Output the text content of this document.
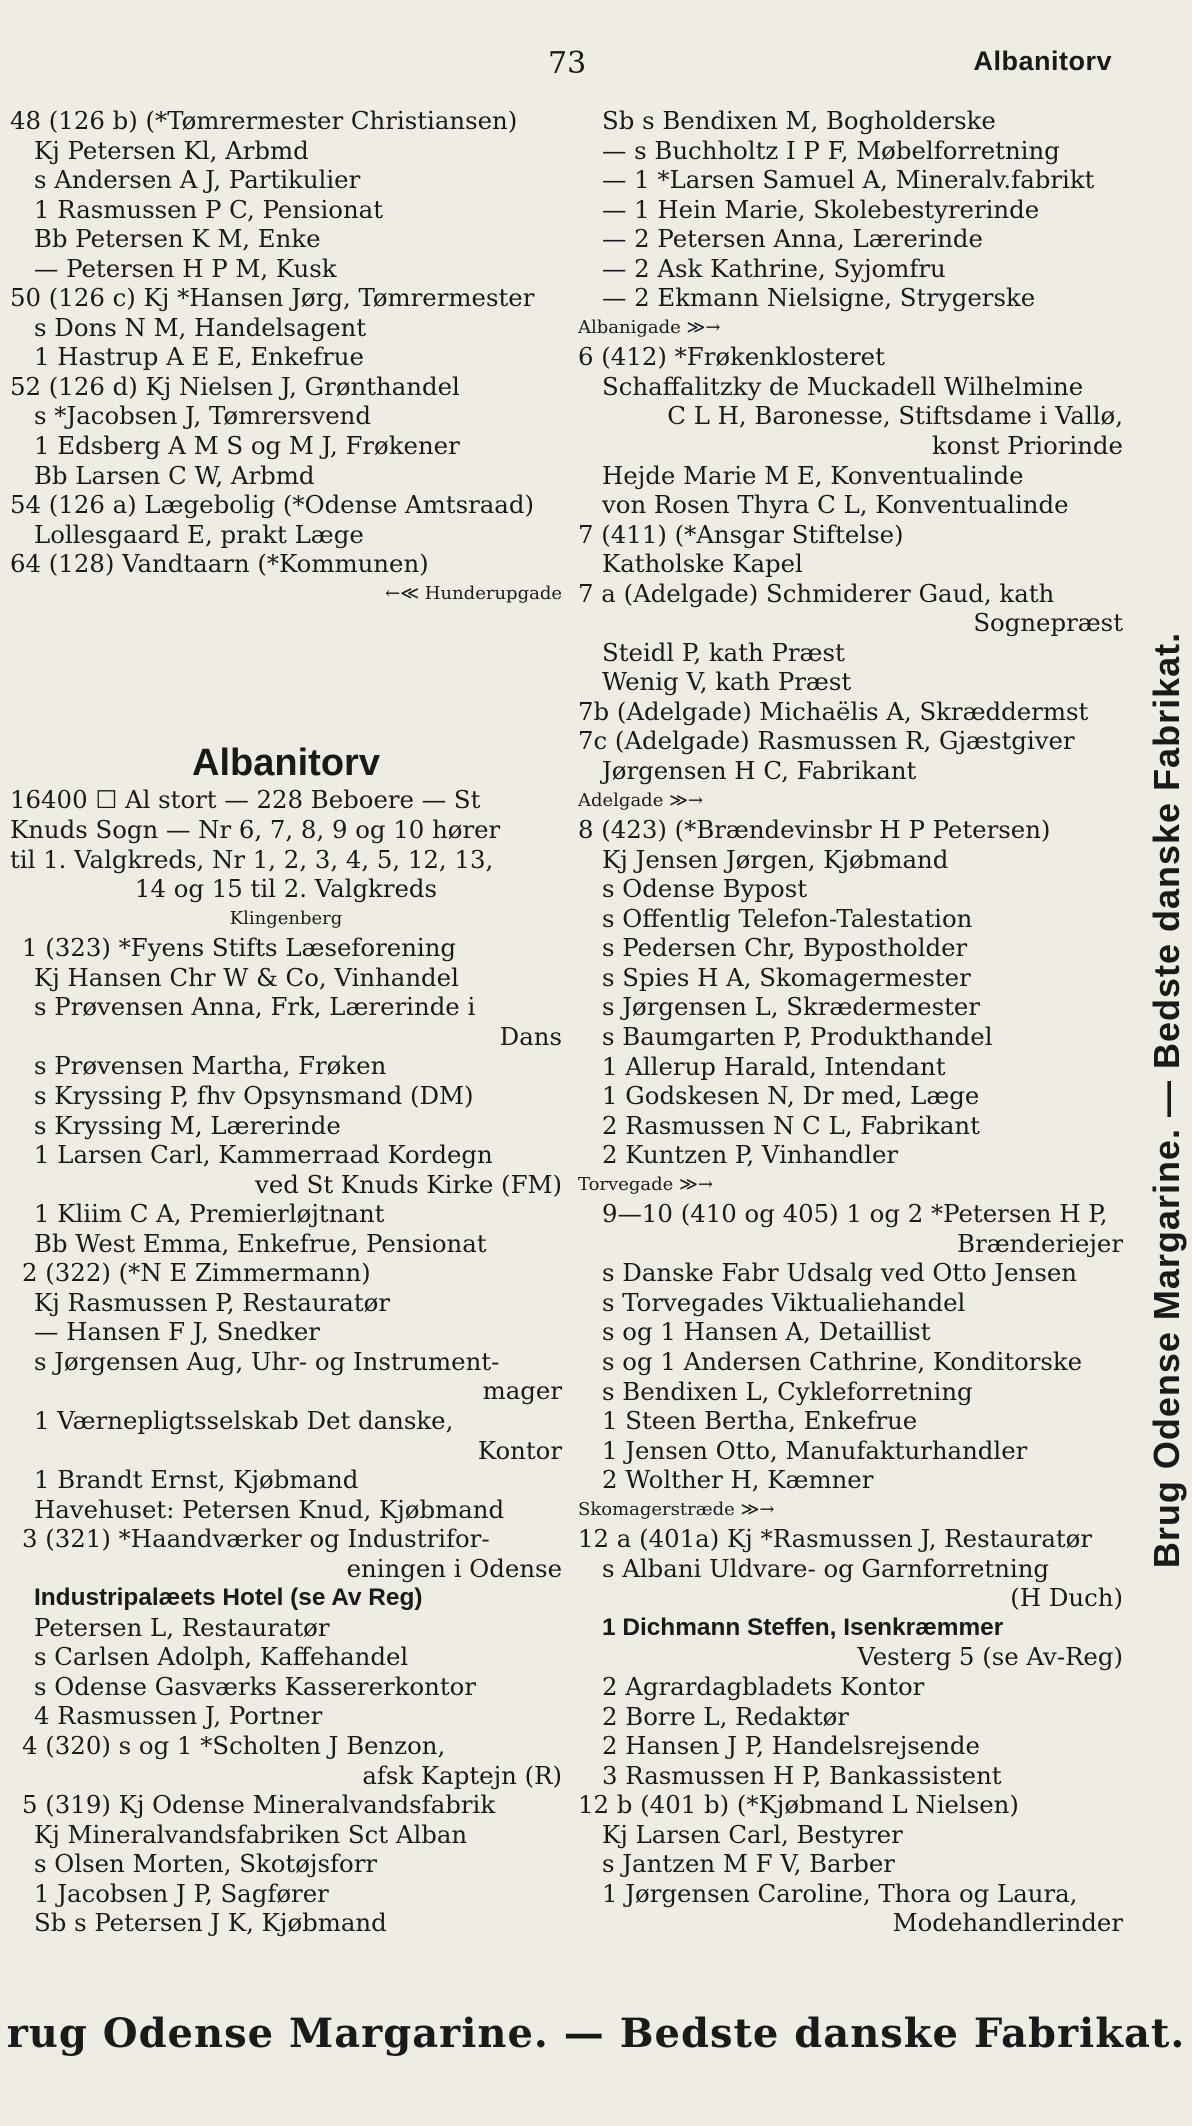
73	Albanitorv
48 (126 b) (*Tømrermester Christiansen)
Kj Petersen Kl, Arbmd
s Andersen A J, Partikulier
1 Rasmussen P C, Pensionat
Bb Petersen K M, Enke
— Petersen H P M, Kusk
50 (126 c) Kj *Hansen Jørg, Tømrermester
s Dons N M, Handelsagent
1 Hastrup A E E, Enkefrue
52 (126 d) Kj Nielsen J, Grønthandel
s *Jacobsen J, Tømrersvend
1 Edsberg A M S og M J, Frøkener
Bb Larsen C W, Arbmd
54 (126 a) Lægebolig (*Odense Amtsraad)
Lollesgaard E, prakt Læge
64 (128) Vandtaarn (*Kommunen)
←≪ Hunderupgade
Albanitorv
16400 ☐ Al stort — 228 Beboere — St
Knuds Sogn — Nr 6, 7, 8, 9 og 10 hører
til 1. Valgkreds, Nr 1, 2, 3, 4, 5, 12, 13,
14 og 15 til 2. Valgkreds
Klingenberg
1 (323) *Fyens Stifts Læseforening
Kj Hansen Chr W & Co, Vinhandel
s Prøvensen Anna, Frk, Lærerinde i
Dans
s Prøvensen Martha, Frøken
s Kryssing P, fhv Opsynsmand (DM)
s Kryssing M, Lærerinde
1 Larsen Carl, Kammerraad Kordegn
ved St Knuds Kirke (FM)
1 Kliim C A, Premierløjtnant
Bb West Emma, Enkefrue, Pensionat
2 (322) (*N E Zimmermann)
Kj Rasmussen P, Restauratør
— Hansen F J, Snedker
s Jørgensen Aug, Uhr- og Instrument-
mager
1 Værnepligtsselskab Det danske,
Kontor
1 Brandt Ernst, Kjøbmand
Havehuset: Petersen Knud, Kjøbmand
3 (321) *Haandværker og Industrifor-
eningen i Odense
Industripalæets Hotel (se Av Reg)
Petersen L, Restauratør
s Carlsen Adolph, Kaffehandel
s Odense Gasværks Kassererkontor
4 Rasmussen J, Portner
4 (320) s og 1 *Scholten J Benzon,
afsk Kaptejn (R)
5 (319) Kj Odense Mineralvandsfabrik
Kj Mineralvandsfabriken Sct Alban
s Olsen Morten, Skotøjsforr
1 Jacobsen J P, Sagfører
Sb s Petersen J K, Kjøbmand
Sb s Bendixen M, Bogholderske
— s Buchholtz I P F, Møbelforretning
— 1 *Larsen Samuel A, Mineralv.fabrikt
— 1 Hein Marie, Skolebestyrerinde
— 2 Petersen Anna, Lærerinde
— 2 Ask Kathrine, Syjomfru
— 2 Ekmann Nielsigne, Strygerske
Albanigade ≫→
6 (412) *Frøkenklosteret
Schaffalitzky de Muckadell Wilhelmine
C L H, Baronesse, Stiftsdame i Vallø,
konst Priorinde
Hejde Marie M E, Konventualinde
von Rosen Thyra C L, Konventualinde
7 (411) (*Ansgar Stiftelse)
Katholske Kapel
7 a (Adelgade) Schmiderer Gaud, kath
Sognepræst
Steidl P, kath Præst
Wenig V, kath Præst
7b (Adelgade) Michaëlis A, Skræddermst
7c (Adelgade) Rasmussen R, Gjæstgiver
Jørgensen H C, Fabrikant
Adelgade ≫→
8 (423) (*Brændevinsbr H P Petersen)
Kj Jensen Jørgen, Kjøbmand
s Odense Bypost
s Offentlig Telefon-Talestation
s Pedersen Chr, Bypostholder
s Spies H A, Skomagermester
s Jørgensen L, Skrædermester
s Baumgarten P, Produkthandel
1 Allerup Harald, Intendant
1 Godskesen N, Dr med, Læge
2 Rasmussen N C L, Fabrikant
2 Kuntzen P, Vinhandler
Torvegade ≫→
9—10 (410 og 405) 1 og 2 *Petersen H P,
Brænderiejer
s Danske Fabr Udsalg ved Otto Jensen
s Torvegades Viktualiehandel
s og 1 Hansen A, Detaillist
s og 1 Andersen Cathrine, Konditorske
s Bendixen L, Cykleforretning
1 Steen Bertha, Enkefrue
1 Jensen Otto, Manufakturhandler
2 Wolther H, Kæmner
Skomagerstræde ≫→
12 a (401a) Kj *Rasmussen J, Restauratør
s Albani Uldvare- og Garnforretning
(H Duch)
1 Dichmann Steffen, Isenkræmmer
Vesterg 5 (se Av-Reg)
2 Agrardagbladets Kontor
2 Borre L, Redaktør
2 Hansen J P, Handelsrejsende
3 Rasmussen H P, Bankassistent
12 b (401 b) (*Kjøbmand L Nielsen)
Kj Larsen Carl, Bestyrer
s Jantzen M F V, Barber
1 Jørgensen Caroline, Thora og Laura,
Modehandlerinder
rug Odense Margarine. — Bedste danske Fabrikat.
Brug Odense Margarine. — Bedste danske Fabrikat.
